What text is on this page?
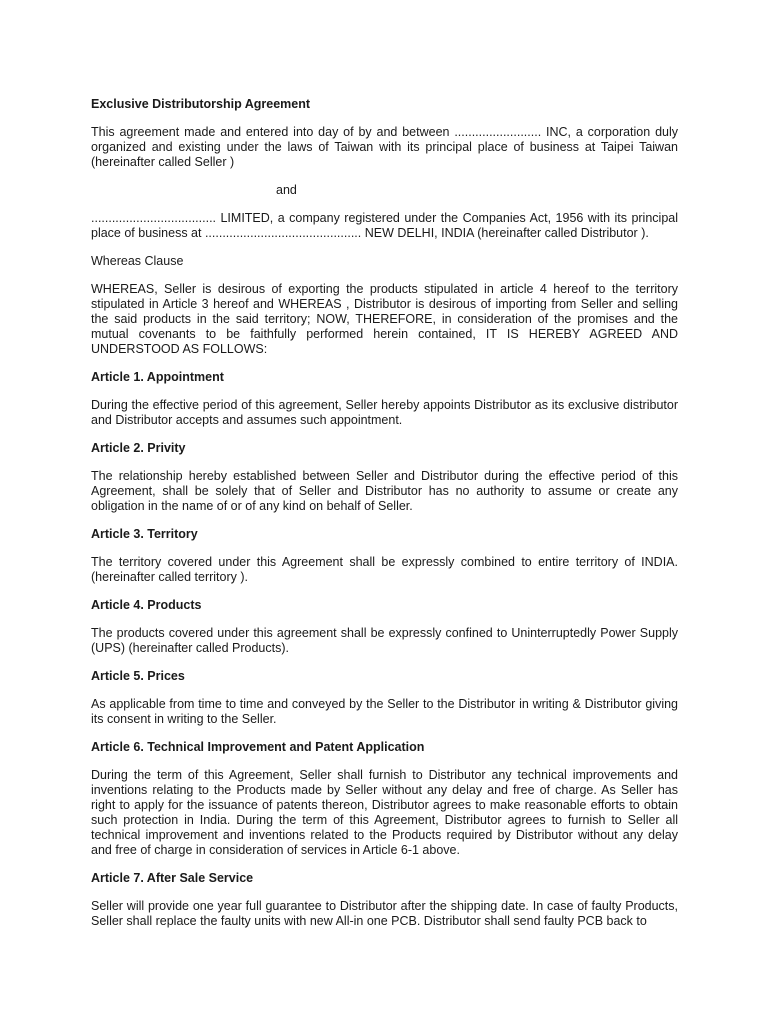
Exclusive Distributorship Agreement

This agreement made and entered into day of by and between ......................... INC, a corporation duly organized and existing under the laws of Taiwan with its principal place of business at Taipei Taiwan (hereinafter called Seller )

and

.................................... LIMITED, a company registered under the Companies Act, 1956 with its principal place of business at ............................................. NEW DELHI, INDIA (hereinafter called Distributor ).

Whereas Clause

WHEREAS, Seller is desirous of exporting the products stipulated in article 4 hereof to the territory stipulated in Article 3 hereof and WHEREAS , Distributor is desirous of importing from Seller and selling the said products in the said territory; NOW, THEREFORE, in consideration of the promises and the mutual covenants to be faithfully performed herein contained, IT IS HEREBY AGREED AND UNDERSTOOD AS FOLLOWS:

Article 1. Appointment

During the effective period of this agreement, Seller hereby appoints Distributor as its exclusive distributor and Distributor accepts and assumes such appointment.

Article 2. Privity

The relationship hereby established between Seller and Distributor during the effective period of this Agreement, shall be solely that of Seller and Distributor has no authority to assume or create any obligation in the name of or of any kind on behalf of Seller.

Article 3. Territory

The territory covered under this Agreement shall be expressly combined to entire territory of INDIA. (hereinafter called territory ).

Article 4. Products

The products covered under this agreement shall be expressly confined to Uninterruptedly Power Supply (UPS) (hereinafter called Products).

Article 5. Prices

As applicable from time to time and conveyed by the Seller to the Distributor in writing & Distributor giving its consent in writing to the Seller.

Article 6. Technical Improvement and Patent Application

During the term of this Agreement, Seller shall furnish to Distributor any technical improvements and inventions relating to the Products made by Seller without any delay and free of charge. As Seller has right to apply for the issuance of patents thereon, Distributor agrees to make reasonable efforts to obtain such protection in India. During the term of this Agreement, Distributor agrees to furnish to Seller all technical improvement and inventions related to the Products required by Distributor without any delay and free of charge in consideration of services in Article 6-1 above.

Article 7. After Sale Service

Seller will provide one year full guarantee to Distributor after the shipping date. In case of faulty Products, Seller shall replace the faulty units with new All-in one PCB. Distributor shall send faulty PCB back to
